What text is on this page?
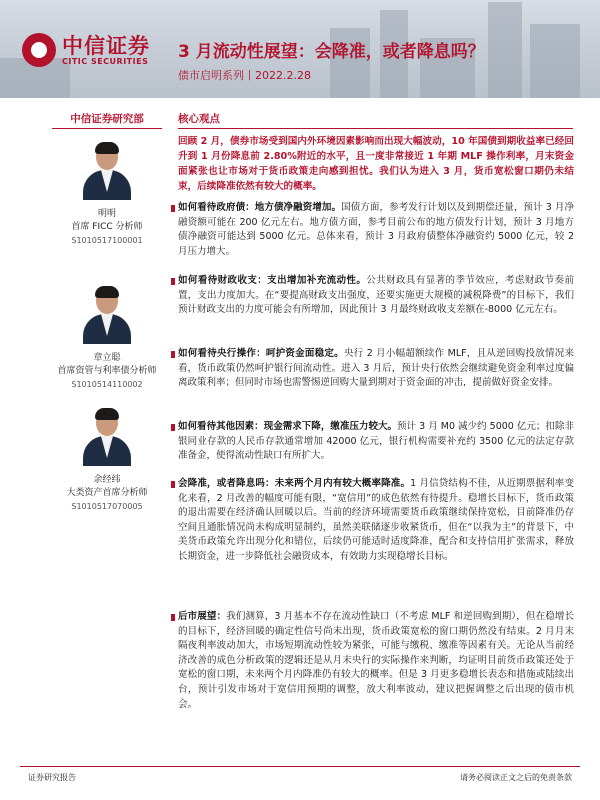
中信证券
CITIC SECURITIES 3 月流动性展望：会降准，或者降息吗？
债市启明系列丨2022.2.28
中信证券研究部	核心观点
明明
首席 FICC 分析师
S1010517100001
章立聪
首席资管与利率债分析师
S1010514110002
余经纬
大类资产首席分析师
S1010517070005
回顾 2 月，债券市场受到国内外环境因素影响而出现大幅波动，10 年国债到期收益率已经回升到 1 月份降息前 2.80%附近的水平，且一度非常接近 1 年期 MLF 操作利率，月末资金面紧张也让市场对于货币政策走向感到担忧。我们认为进入 3 月，货币宽松窗口期仍未结束，后续降准依然有较大的概率。
如何看待政府债：地方债净融资增加。国债方面，参考发行计划以及到期偿还量，预计 3 月净融资额可能在 200 亿元左右。地方债方面，参考目前公布的地方债发行计划，预计 3 月地方债净融资可能达到 5000 亿元。总体来看，预计 3 月政府债整体净融资约 5000 亿元，较 2 月压力增大。
如何看待财政收支：支出增加补充流动性。公共财政具有显著的季节效应，考虑财政节奏前置，支出力度加大。在“要提高财政支出强度，还要实施更大规模的减税降费”的目标下，我们预计财政支出的力度可能会有所增加，因此预计 3 月最终财政收支差额在-8000 亿元左右。
如何看待央行操作：呵护资金面稳定。央行 2 月小幅超额续作 MLF，且从逆回购投放情况来看，货币政策仍然呵护银行间流动性。进入 3 月后，预计央行依然会继续避免资金利率过度偏离政策利率；但同时市场也需警惕逆回购大量到期对于资金面的冲击，提前做好资金安排。
如何看待其他因素：现金需求下降，缴准压力较大。预计 3 月 M0 减少约 5000 亿元；扣除非银同业存款的人民币存款通常增加 42000 亿元，银行机构需要补充约 3500 亿元的法定存款准备金，使得流动性缺口有所扩大。
会降准，或者降息吗：未来两个月内有较大概率降准。1 月信贷结构不佳，从近期票据利率变化来看，2 月改善的幅度可能有限，“宽信用”的成色依然有待提升。稳增长目标下，货币政策的退出需要在经济确认回暖以后。当前的经济环境需要货币政策继续保持宽松，目前降准仍存空间且通胀情况尚未构成明显制约，虽然美联储逐步收紧货币，但在“以我为主”的背景下，中美货币政策允许出现分化和错位，后续仍可能适时适度降准，配合和支持信用扩张需求，释放长期资金，进一步降低社会融资成本，有效助力实现稳增长目标。
后市展望：我们测算，3 月基本不存在流动性缺口（不考虑 MLF 和逆回购到期），但在稳增长的目标下，经济回暖的确定性信号尚未出现，货币政策宽松的窗口期仍然没有结束。2 月月末隔夜利率波动加大，市场短期流动性较为紧张，可能与缴税、缴准等因素有关。无论从当前经济改善的成色分析政策的逻辑还是从月末央行的实际操作来判断，均证明目前货币政策还处于宽松的窗口期，未来两个月内降准仍有较大的概率。但是 3 月更多稳增长表态和措施或陆续出台，预计引发市场对于宽信用预期的调整，放大利率波动，建议把握调整之后出现的债市机会。
证券研究报告	请务必阅读正文之后的免责条款
